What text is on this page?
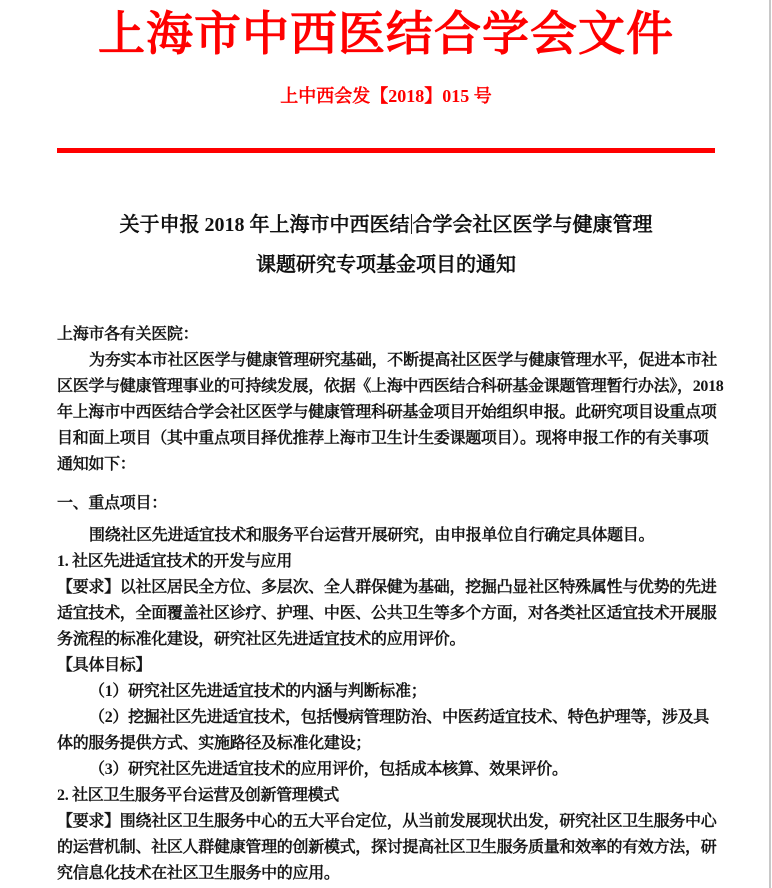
上海市中西医结合学会文件
上中西会发【2018】015 号
关于申报 2018 年上海市中西医结 合学会社区医学与健康管理
课题研究专项基金项目的通知
上海市各有关医院：
为夯实本市社区医学与健康管理研究基础，不断提高社区医学与健康管理水平，促进本市社
区医学与健康管理事业的可持续发展，依据《上海中西医结合科研基金课题管理暂行办法》，2018
年上海市中西医结合学会社区医学与健康管理科研基金项目开始组织申报。此研究项目设重点项
目和面上项目（其中重点项目择优推荐上海市卫生计生委课题项目）。现将申报工作的有关事项
通知如下：
一、重点项目：
围绕社区先进适宜技术和服务平台运营开展研究，由申报单位自行确定具体题目。
1. 社区先进适宜技术的开发与应用
【要求】以社区居民全方位、多层次、全人群保健为基础，挖掘凸显社区特殊属性与优势的先进
适宜技术，全面覆盖社区诊疗、护理、中医、公共卫生等多个方面，对各类社区适宜技术开展服
务流程的标准化建设，研究社区先进适宜技术的应用评价。
【具体目标】
（1）研究社区先进适宜技术的内涵与判断标准；
（2）挖掘社区先进适宜技术，包括慢病管理防治、中医药适宜技术、特色护理等，涉及具
体的服务提供方式、实施路径及标准化建设；
（3）研究社区先进适宜技术的应用评价，包括成本核算、效果评价。
2. 社区卫生服务平台运营及创新管理模式
【要求】围绕社区卫生服务中心的五大平台定位，从当前发展现状出发，研究社区卫生服务中心
的运营机制、社区人群健康管理的创新模式，探讨提高社区卫生服务质量和效率的有效方法，研
究信息化技术在社区卫生服务中的应用。
